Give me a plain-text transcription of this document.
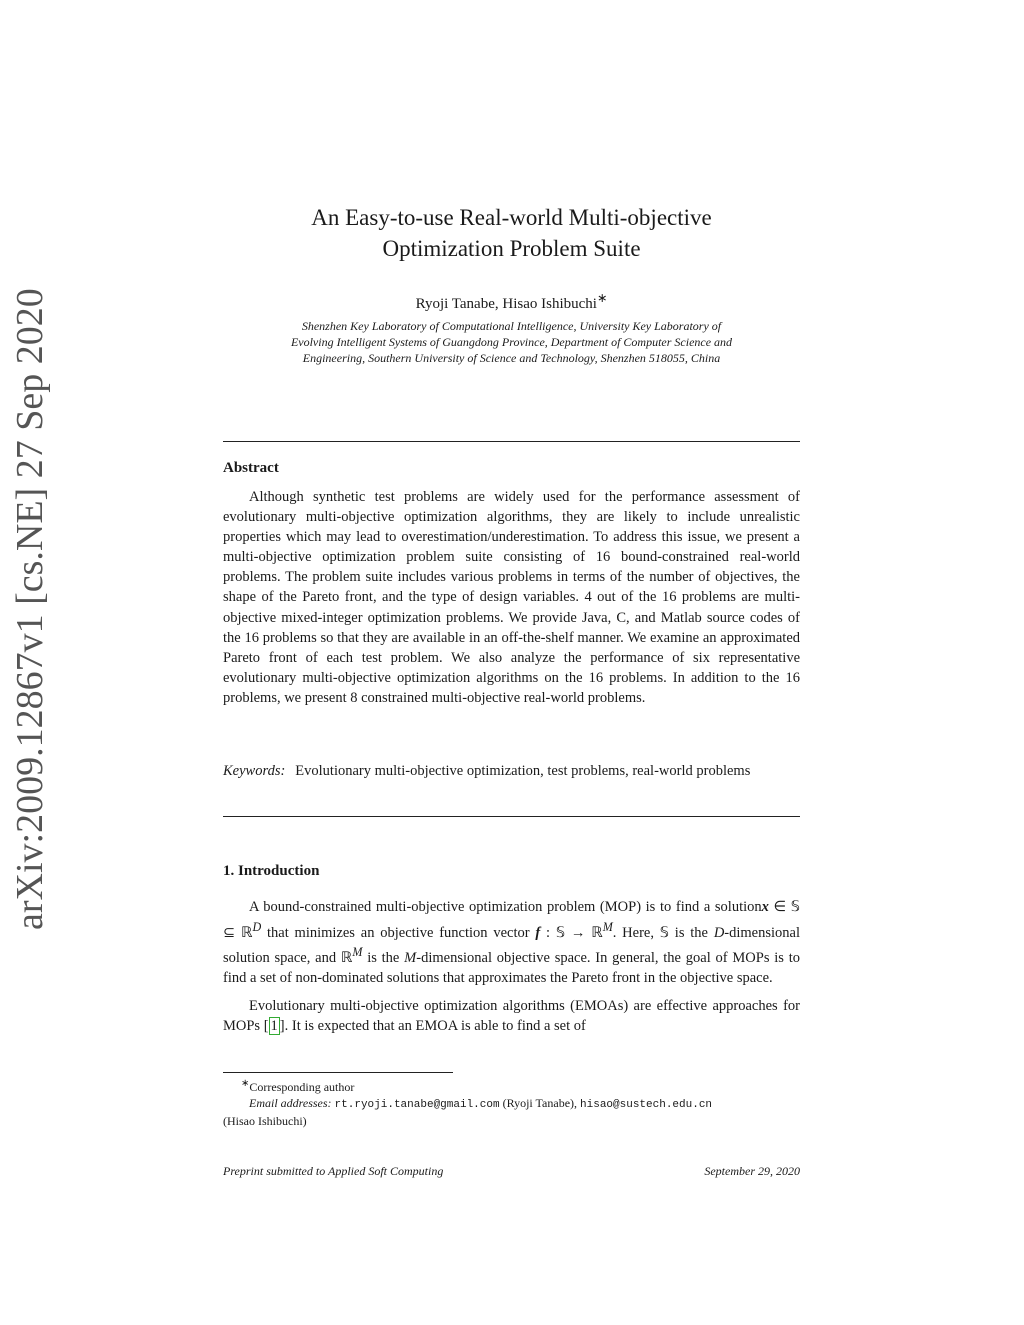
arXiv:2009.12867v1 [cs.NE] 27 Sep 2020
An Easy-to-use Real-world Multi-objective
Optimization Problem Suite
Ryoji Tanabe, Hisao Ishibuchi∗
Shenzhen Key Laboratory of Computational Intelligence, University Key Laboratory of
Evolving Intelligent Systems of Guangdong Province, Department of Computer Science and
Engineering, Southern University of Science and Technology, Shenzhen 518055, China
Abstract

Although synthetic test problems are widely used for the performance assessment of evolutionary multi-objective optimization algorithms, they are likely to include unrealistic properties which may lead to overestimation/underestimation. To address this issue, we present a multi-objective optimization problem suite consisting of 16 bound-constrained real-world problems. The problem suite includes various problems in terms of the number of objectives, the shape of the Pareto front, and the type of design variables. 4 out of the 16 problems are multi-objective mixed-integer optimization problems. We provide Java, C, and Matlab source codes of the 16 problems so that they are available in an off-the-shelf manner. We examine an approximated Pareto front of each test problem. We also analyze the performance of six representative evolutionary multi-objective optimization algorithms on the 16 problems. In addition to the 16 problems, we present 8 constrained multi-objective real-world problems.

Keywords: Evolutionary multi-objective optimization, test problems, real-world problems

1. Introduction

A bound-constrained multi-objective optimization problem (MOP) is to find a solutionx ∈ 𝕊 ⊆ ℝ$^D$ that minimizes an objective function vector f : 𝕊 → ℝ$^M$. Here, 𝕊 is the D-dimensional solution space, and ℝ$^M$ is the M-dimensional objective space. In general, the goal of MOPs is to find a set of non-dominated solutions that approximates the Pareto front in the objective space.

Evolutionary multi-objective optimization algorithms (EMOAs) are effective approaches for MOPs [ 1 ]. It is expected that an EMOA is able to find a set of

∗Corresponding author
Email addresses: rt.ryoji.tanabe@gmail.com (Ryoji Tanabe), hisao@sustech.edu.cn
(Hisao Ishibuchi)
Preprint submitted to Applied Soft Computing	September 29, 2020
